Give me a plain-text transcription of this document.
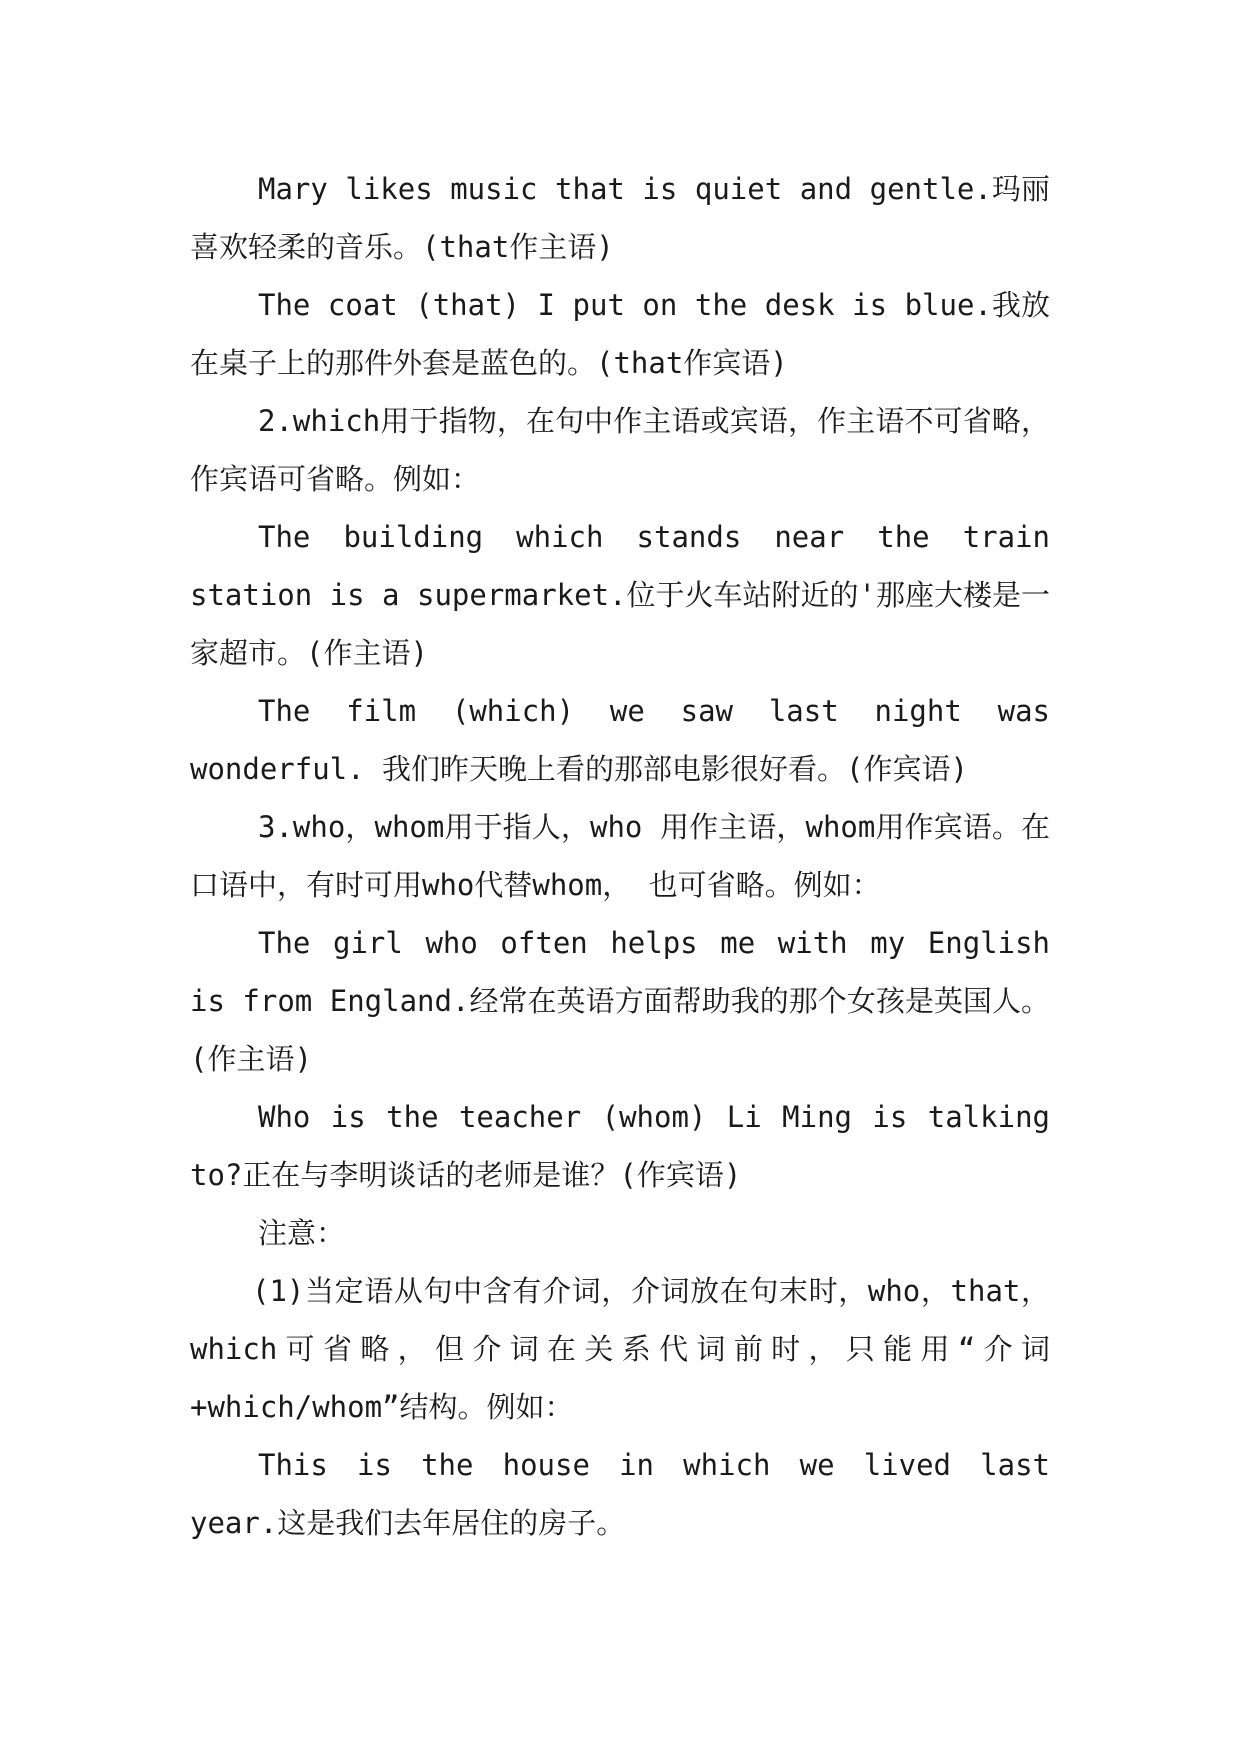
Mary likes music that is quiet and gentle.玛丽喜欢轻柔的音乐。(that作主语)

The coat (that) I put on the desk is blue.我放在桌子上的那件外套是蓝色的。(that作宾语)

2.which用于指物，在句中作主语或宾语，作主语不可省略，作宾语可省略。例如：

The building which stands near the train station is a supermarket.位于火车站附近的'那座大楼是一家超市。(作主语)

The film (which) we saw last night was wonderful. 我们昨天晚上看的那部电影很好看。(作宾语)

3.who，whom用于指人，who 用作主语，whom用作宾语。在口语中，有时可用who代替whom， 也可省略。例如：

The girl who often helps me with my English is from England.经常在英语方面帮助我的那个女孩是英国人。(作主语)

Who is the teacher (whom) Li Ming is talking to?正在与李明谈话的老师是谁？(作宾语)

注意：

(1)当定语从句中含有介词，介词放在句末时，who，that，which可省略，但介词在关系代词前时，只能用“介词+which/whom”结构。例如：

This is the house in which we lived last year.这是我们去年居住的房子。
